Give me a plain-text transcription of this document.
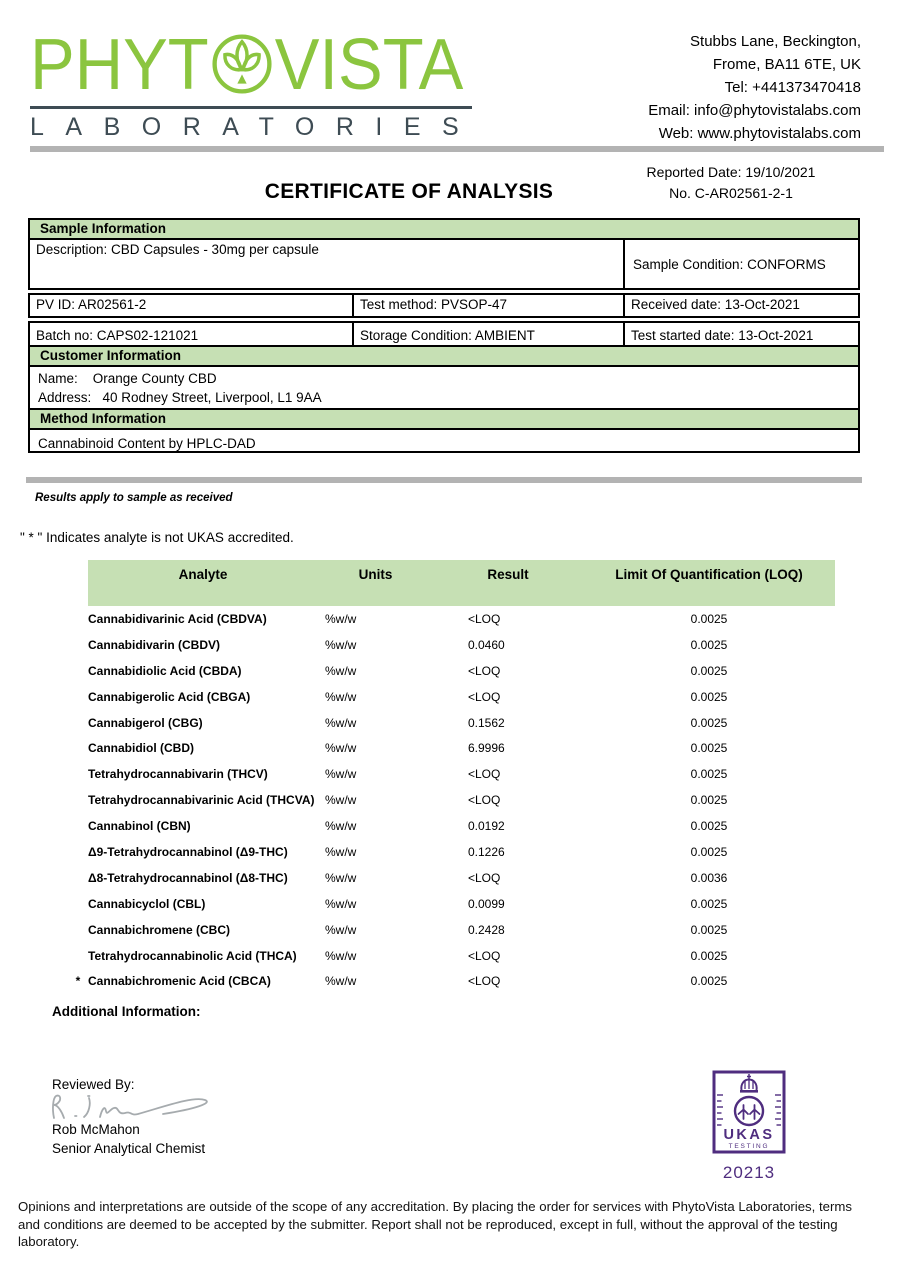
PHYT VISTA
LABORATORIES
Stubbs Lane, Beckington,
Frome, BA11 6TE, UK
Tel: +441373470418
Email: info@phytovistalabs.com
Web: www.phytovistalabs.com
CERTIFICATE OF ANALYSIS
Reported Date: 19/10/2021
No. C-AR02561-2-1
Sample Information
Description: CBD Capsules - 30mg per capsule
Sample Condition: CONFORMS
PV ID: AR02561-2	Test method: PVSOP-47	Received date: 13-Oct-2021
Batch no: CAPS02-121021	Storage Condition: AMBIENT	Test started date: 13-Oct-2021
Customer Information
Name:    Orange County CBD
Address:   40 Rodney Street, Liverpool, L1 9AA
Method Information
Cannabinoid Content by HPLC-DAD
Results apply to sample as received
" * " Indicates analyte is not UKAS accredited.
Analyte	Units	Result	Limit Of Quantification (LOQ)
Cannabidivarinic Acid (CBDVA)	%w/w	<LOQ	0.0025
Cannabidivarin (CBDV)	%w/w	0.0460	0.0025
Cannabidiolic Acid (CBDA)	%w/w	<LOQ	0.0025
Cannabigerolic Acid (CBGA)	%w/w	<LOQ	0.0025
Cannabigerol (CBG)	%w/w	0.1562	0.0025
Cannabidiol (CBD)	%w/w	6.9996	0.0025
Tetrahydrocannabivarin (THCV)	%w/w	<LOQ	0.0025
Tetrahydrocannabivarinic Acid (THCVA) %w/w	<LOQ	0.0025
Cannabinol (CBN)	%w/w	0.0192	0.0025
Δ9-Tetrahydrocannabinol (Δ9-THC)	%w/w	0.1226	0.0025
Δ8-Tetrahydrocannabinol (Δ8-THC)	%w/w	<LOQ	0.0036
Cannabicyclol (CBL)	%w/w	0.0099	0.0025
Cannabichromene (CBC)	%w/w	0.2428	0.0025
Tetrahydrocannabinolic Acid (THCA)	%w/w	<LOQ	0.0025
* Cannabichromenic Acid (CBCA)	%w/w	<LOQ	0.0025
Additional Information:
Reviewed By:
Rob McMahon
Senior Analytical Chemist
UKAS
TESTING
20213
Opinions and interpretations are outside of the scope of any accreditation. By placing the order for services with PhytoVista Laboratories, terms and conditions are deemed to be accepted by the submitter. Report shall not be reproduced, except in full, without the approval of the testing laboratory.
